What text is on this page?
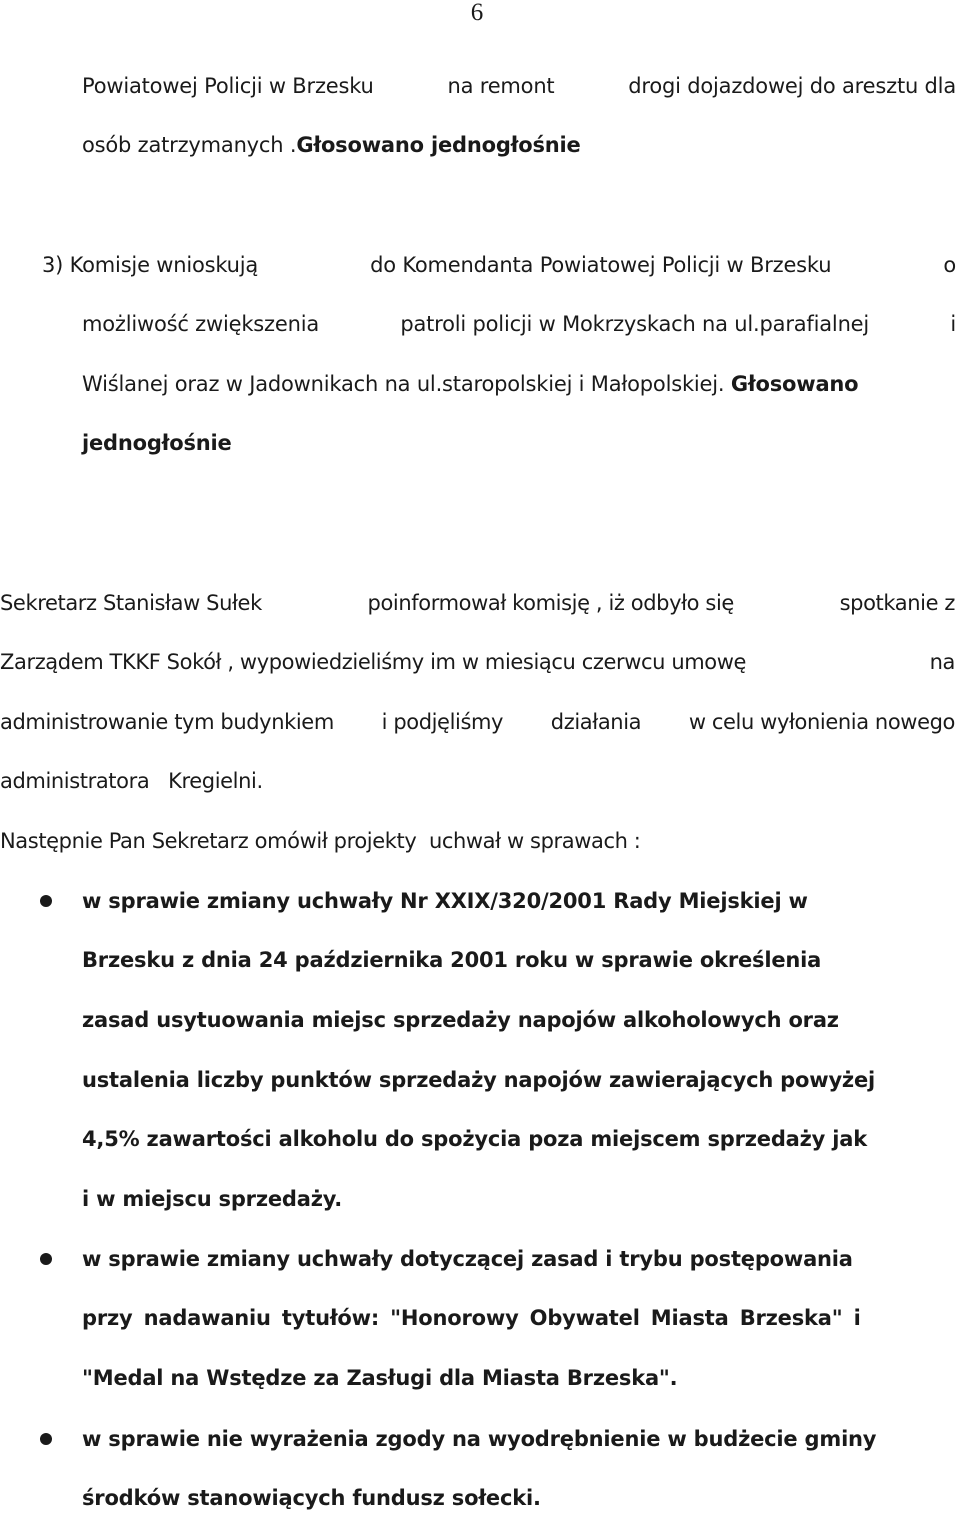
6
Powiatowej Policji w Brzesku	na remont	drogi dojazdowej do aresztu dla
osób zatrzymanych .Głosowano jednogłośnie
3) Komisje wnioskują	do Komendanta Powiatowej Policji w Brzesku	o
możliwość zwiększenia	patroli policji w Mokrzyskach na ul.parafialnej	i
Wiślanej oraz w Jadownikach na ul.staropolskiej i Małopolskiej. Głosowano
jednogłośnie
Sekretarz Stanisław Sułek	poinformował komisję , iż odbyło się	spotkanie z
Zarządem TKKF Sokół , wypowiedzieliśmy im w miesiącu czerwcu umowę	na
administrowanie tym budynkiem i podjęliśmy działania w celu wyłonienia nowego
administratora   Kregielni.
Następnie Pan Sekretarz omówił projekty  uchwał w sprawach :
w sprawie zmiany uchwały Nr XXIX/320/2001 Rady Miejskiej w
Brzesku z dnia 24 października 2001 roku w sprawie określenia
zasad usytuowania miejsc sprzedaży napojów alkoholowych oraz
ustalenia liczby punktów sprzedaży napojów zawierających powyżej
4,5% zawartości alkoholu do spożycia poza miejscem sprzedaży jak
i w miejscu sprzedaży.
w sprawie zmiany uchwały dotyczącej zasad i trybu postępowania
przy nadawaniu tytułów: "Honorowy Obywatel Miasta Brzeska" i
"Medal na Wstędze za Zasługi dla Miasta Brzeska".
w sprawie nie wyrażenia zgody na wyodrębnienie w budżecie gminy
środków stanowiących fundusz sołecki.
